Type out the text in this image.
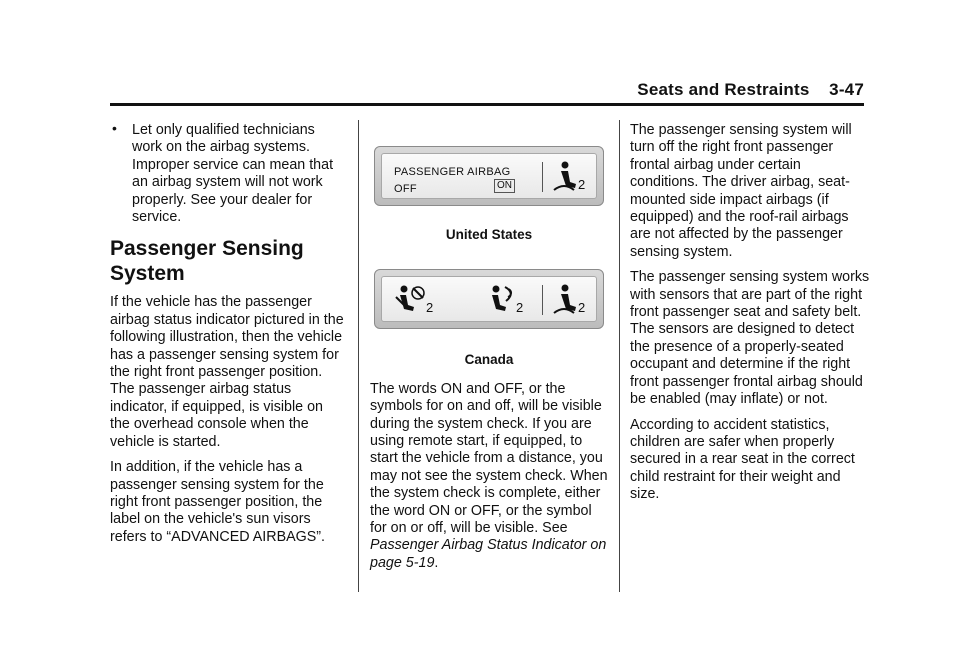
Seats and Restraints    3-47
• Let only qualified technicians work on the airbag systems. Improper service can mean that an airbag system will not work properly. See your dealer for service.
Passenger Sensing System

If the vehicle has the passenger airbag status indicator pictured in the following illustration, then the vehicle has a passenger sensing system for the right front passenger position. The passenger airbag status indicator, if equipped, is visible on the overhead console when the vehicle is started.

In addition, if the vehicle has a passenger sensing system for the right front passenger position, the label on the vehicle's sun visors refers to “ADVANCED AIRBAGS”.

PASSENGER AIRBAG
OFF	ON	2
United States
2	2	2
Canada

The words ON and OFF, or the symbols for on and off, will be visible during the system check. If you are using remote start, if equipped, to start the vehicle from a distance, you may not see the system check. When the system check is complete, either the word ON or OFF, or the symbol for on or off, will be visible. See Passenger Airbag Status Indicator on page 5-19.

The passenger sensing system will turn off the right front passenger frontal airbag under certain conditions. The driver airbag, seat-mounted side impact airbags (if equipped) and the roof-rail airbags are not affected by the passenger sensing system.

The passenger sensing system works with sensors that are part of the right front passenger seat and safety belt. The sensors are designed to detect the presence of a properly-seated occupant and determine if the right front passenger frontal airbag should be enabled (may inflate) or not.

According to accident statistics, children are safer when properly secured in a rear seat in the correct child restraint for their weight and size.
